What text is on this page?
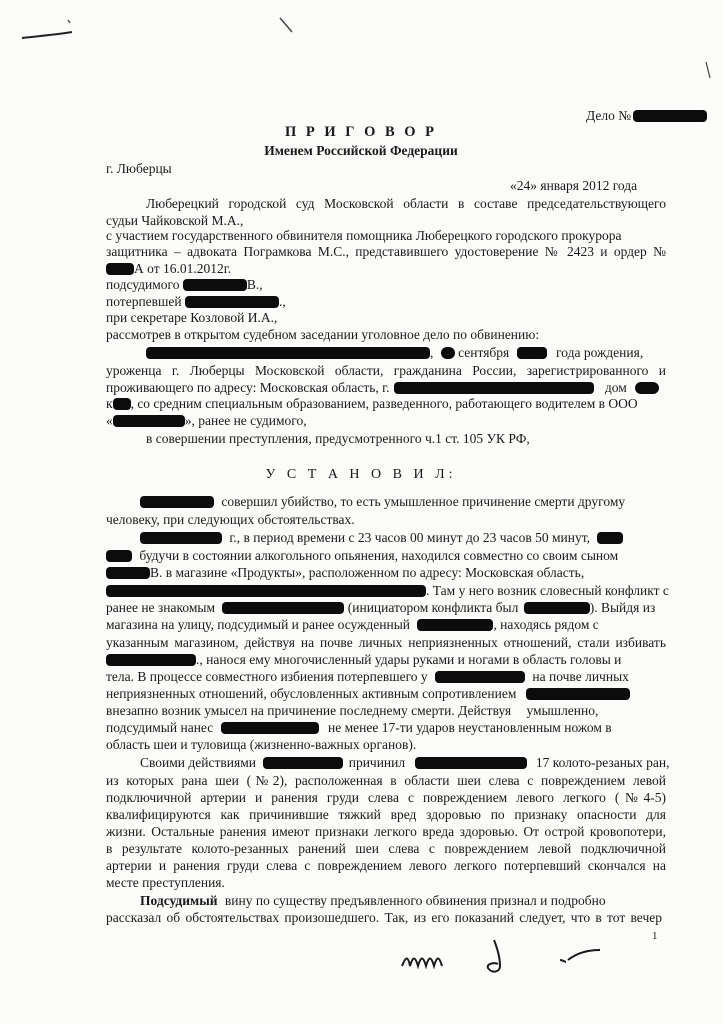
Дело №
П Р И Г О В О Р
Именем Российской Федерации
г. Люберцы
«24» января 2012 года
Люберецкий городской суд Московской области в составе председательствующего
судьи Чайковской М.А.,
с участием государственного обвинителя помощника Люберецкого городского прокурора
защитника – адвоката Пограмкова М.С., представившего удостоверение № 2423 и ордер №
А от 16.01.2012г.
подсудимого	В.,
потерпевшей	.,
при секретаре Козловой И.А.,
рассмотрев в открытом судебном заседании уголовное дело по обвинению:
, сентября	года рождения,
уроженца г. Люберцы Московской области, гражданина России, зарегистрированного и
проживающего по адресу: Московская область, г.	дом
к , со средним специальным образованием, разведенного, работающего водителем в ООО
«	», ранее не судимого,
в совершении преступления, предусмотренного ч.1 ст. 105 УК РФ,
У С Т А Н О В И Л:
совершил убийство, то есть умышленное причинение смерти другому
человеку, при следующих обстоятельствах.
г., в период времени с 23 часов 00 минут до 23 часов 50 минут,
будучи в состоянии алкогольного опьянения, находился совместно со своим сыном
В. в магазине «Продукты», расположенном по адресу: Московская область,
. Там у него возник словесный конфликт с
ранее не знакомым	(инициатором конфликта был	). Выйдя из
магазина на улицу, подсудимый и ранее осужденный	, находясь рядом с
указанным магазином, действуя на почве личных неприязненных отношений, стали избивать
., нанося ему многочисленный удары руками и ногами в область головы и
тела. В процессе совместного избиения потерпевшего у	на почве личных
неприязненных отношений, обусловленных активным сопротивлением
внезапно возник умысел на причинение последнему смерти. Действуя умышленно,
подсудимый нанес	не менее 17-ти ударов неустановленным ножом в
область шеи и туловища (жизненно-важных органов).
Своими действиями	причинил	17 колото-резаных ран,
из которых рана шеи (№2), расположенная в области шеи слева с повреждением левой
подключичной артерии и ранения груди слева с повреждением левого легкого (№4-5)
квалифицируются как причинившие тяжкий вред здоровью по признаку опасности для
жизни. Остальные ранения имеют признаки легкого вреда здоровью. От острой кровопотери,
в результате колото-резанных ранений шеи слева с повреждением левой подключичной
артерии и ранения груди слева с повреждением левого легкого потерпевший скончался на
месте преступления.
Подсудимый вину по существу предъявленного обвинения признал и подробно
рассказал об обстоятельствах произошедшего. Так, из его показаний следует, что в тот вечер
1
